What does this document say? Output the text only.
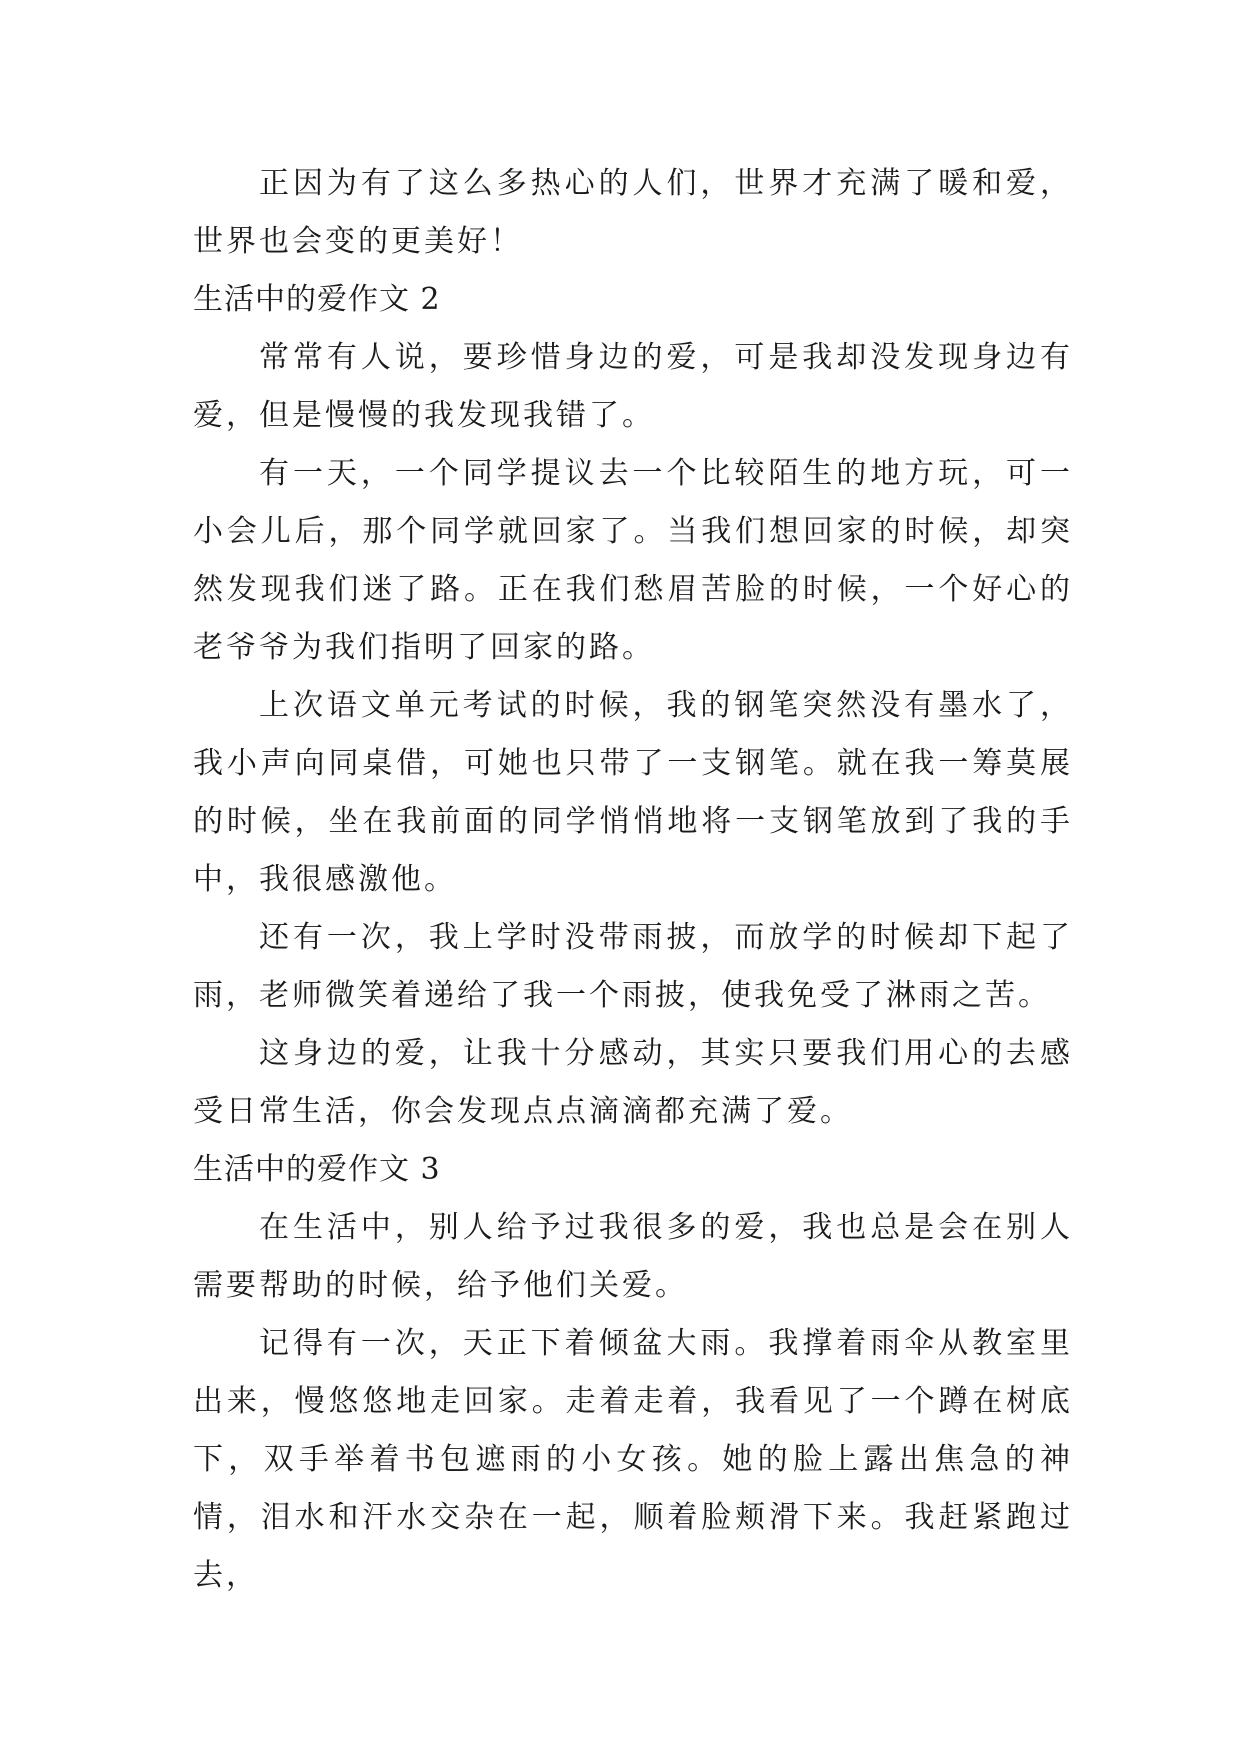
正因为有了这么多热心的人们，世界才充满了暖和爱，世界也会变的更美好！

生活中的爱作文 2

常常有人说，要珍惜身边的爱，可是我却没发现身边有爱，但是慢慢的我发现我错了。

有一天，一个同学提议去一个比较陌生的地方玩，可一小会儿后，那个同学就回家了。当我们想回家的时候，却突然发现我们迷了路。正在我们愁眉苦脸的时候，一个好心的老爷爷为我们指明了回家的路。

上次语文单元考试的时候，我的钢笔突然没有墨水了，我小声向同桌借，可她也只带了一支钢笔。就在我一筹莫展的时候，坐在我前面的同学悄悄地将一支钢笔放到了我的手中，我很感激他。

还有一次，我上学时没带雨披，而放学的时候却下起了雨，老师微笑着递给了我一个雨披，使我免受了淋雨之苦。

这身边的爱，让我十分感动，其实只要我们用心的去感受日常生活，你会发现点点滴滴都充满了爱。

生活中的爱作文 3

在生活中，别人给予过我很多的爱，我也总是会在别人需要帮助的时候，给予他们关爱。

记得有一次，天正下着倾盆大雨。我撑着雨伞从教室里出来，慢悠悠地走回家。走着走着，我看见了一个蹲在树底下，双手举着书包遮雨的小女孩。她的脸上露出焦急的神情，泪水和汗水交杂在一起，顺着脸颊滑下来。我赶紧跑过去，
